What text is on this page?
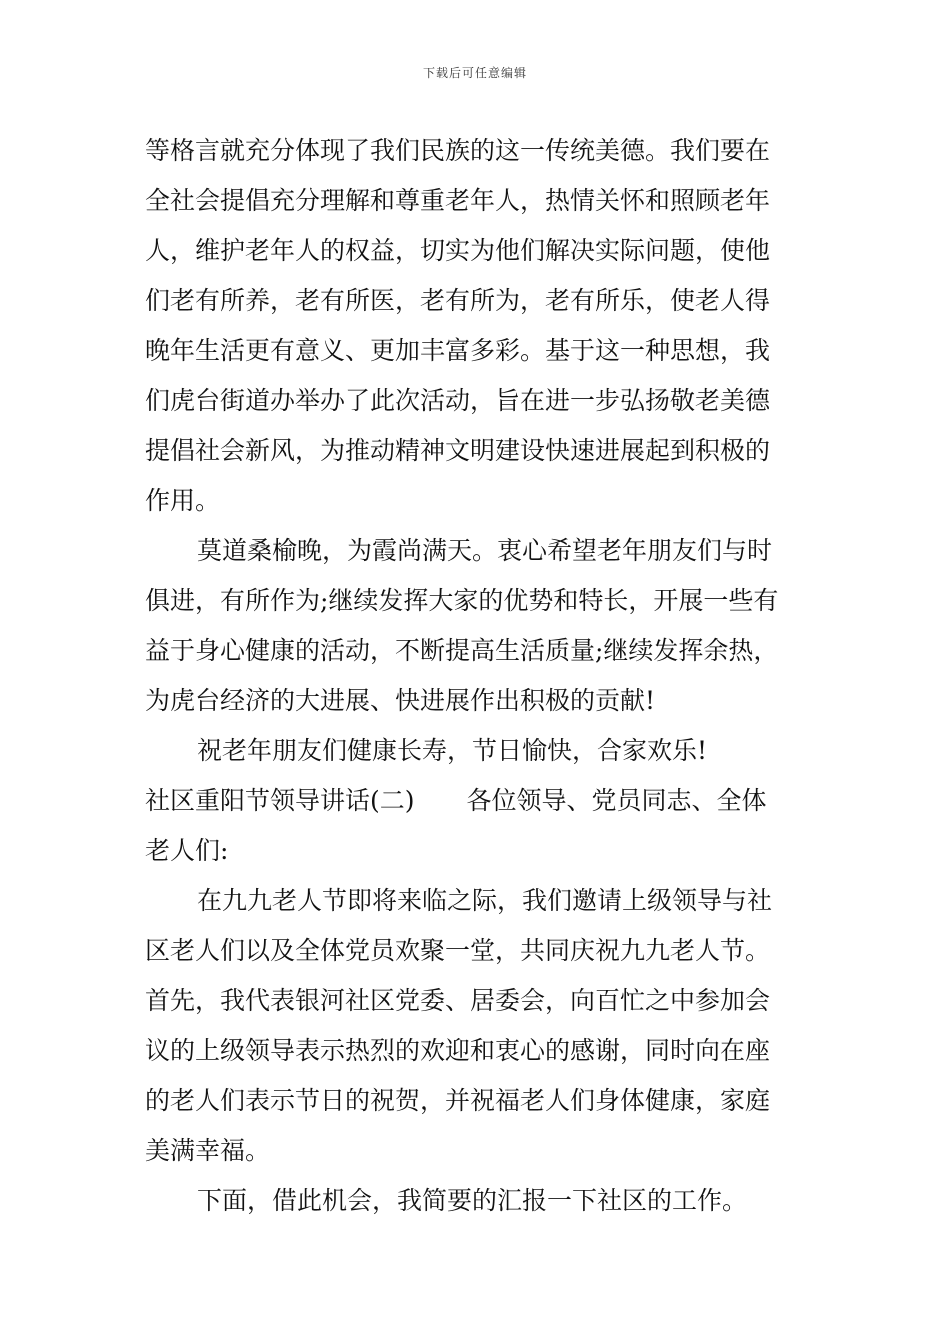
下载后可任意编辑
等格言就充分体现了我们民族的这一传统美德。我们要在
全社会提倡充分理解和尊重老年人，热情关怀和照顾老年
人，维护老年人的权益，切实为他们解决实际问题，使他
们老有所养，老有所医，老有所为，老有所乐，使老人得
晚年生活更有意义、更加丰富多彩。基于这一种思想，我
们虎台街道办举办了此次活动，旨在进一步弘扬敬老美德
提倡社会新风，为推动精神文明建设快速进展起到积极的
作用。
莫道桑榆晚，为霞尚满天。衷心希望老年朋友们与时
俱进，有所作为;继续发挥大家的优势和特长，开展一些有
益于身心健康的活动，不断提高生活质量;继续发挥余热，
为虎台经济的大进展、快进展作出积极的贡献!
祝老年朋友们健康长寿，节日愉快，合家欢乐!
社区重阳节领导讲话(二) 各位领导、党员同志、全体
老人们:
在九九老人节即将来临之际，我们邀请上级领导与社
区老人们以及全体党员欢聚一堂，共同庆祝九九老人节。
首先，我代表银河社区党委、居委会，向百忙之中参加会
议的上级领导表示热烈的欢迎和衷心的感谢，同时向在座
的老人们表示节日的祝贺，并祝福老人们身体健康，家庭
美满幸福。
下面，借此机会，我简要的汇报一下社区的工作。
